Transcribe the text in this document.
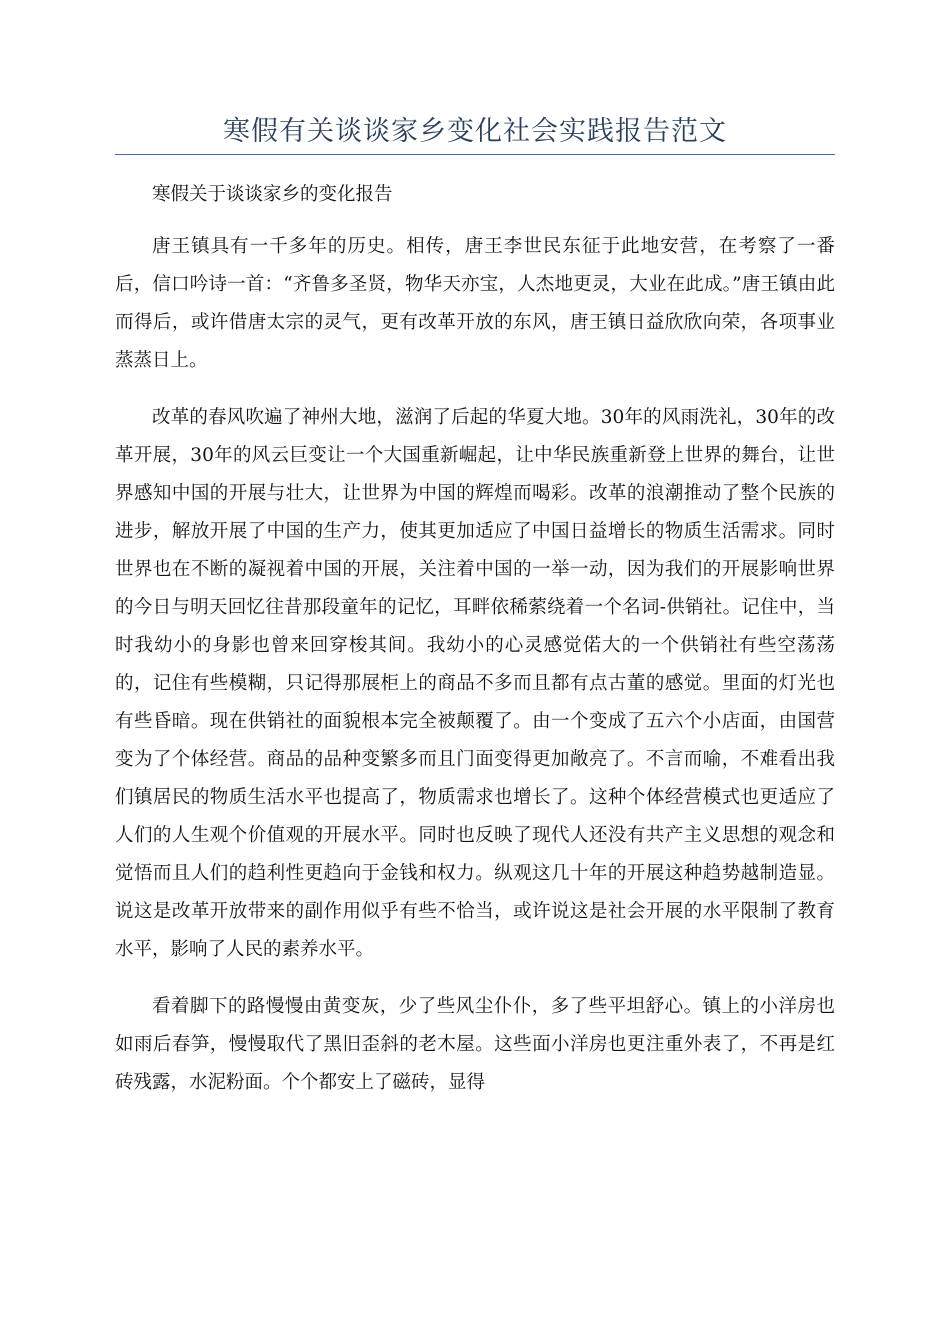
寒假有关谈谈家乡变化社会实践报告范文

寒假关于谈谈家乡的变化报告

唐王镇具有一千多年的历史。相传，唐王李世民东征于此地安营，在考察了一番后，信口吟诗一首：“齐鲁多圣贤，物华天亦宝，人杰地更灵，大业在此成。”唐王镇由此而得后，或许借唐太宗的灵气，更有改革开放的东风，唐王镇日益欣欣向荣，各项事业蒸蒸日上。

改革的春风吹遍了神州大地，滋润了后起的华夏大地。30年的风雨洗礼，30年的改革开展，30年的风云巨变让一个大国重新崛起，让中华民族重新登上世界的舞台，让世界感知中国的开展与壮大，让世界为中国的辉煌而喝彩。改革的浪潮推动了整个民族的进步，解放开展了中国的生产力，使其更加适应了中国日益增长的物质生活需求。同时世界也在不断的凝视着中国的开展，关注着中国的一举一动，因为我们的开展影响世界的今日与明天回忆往昔那段童年的记忆，耳畔依稀萦绕着一个名词-供销社。记住中，当时我幼小的身影也曾来回穿梭其间。我幼小的心灵感觉偌大的一个供销社有些空荡荡的，记住有些模糊，只记得那展柜上的商品不多而且都有点古董的感觉。里面的灯光也有些昏暗。现在供销社的面貌根本完全被颠覆了。由一个变成了五六个小店面，由国营变为了个体经营。商品的品种变繁多而且门面变得更加敞亮了。不言而喻，不难看出我们镇居民的物质生活水平也提高了，物质需求也增长了。这种个体经营模式也更适应了人们的人生观个价值观的开展水平。同时也反映了现代人还没有共产主义思想的观念和觉悟而且人们的趋利性更趋向于金钱和权力。纵观这几十年的开展这种趋势越制造显。说这是改革开放带来的副作用似乎有些不恰当，或许说这是社会开展的水平限制了教育水平，影响了人民的素养水平。

看着脚下的路慢慢由黄变灰，少了些风尘仆仆，多了些平坦舒心。镇上的小洋房也如雨后春笋，慢慢取代了黑旧歪斜的老木屋。这些面小洋房也更注重外表了，不再是红砖残露，水泥粉面。个个都安上了磁砖，显得
